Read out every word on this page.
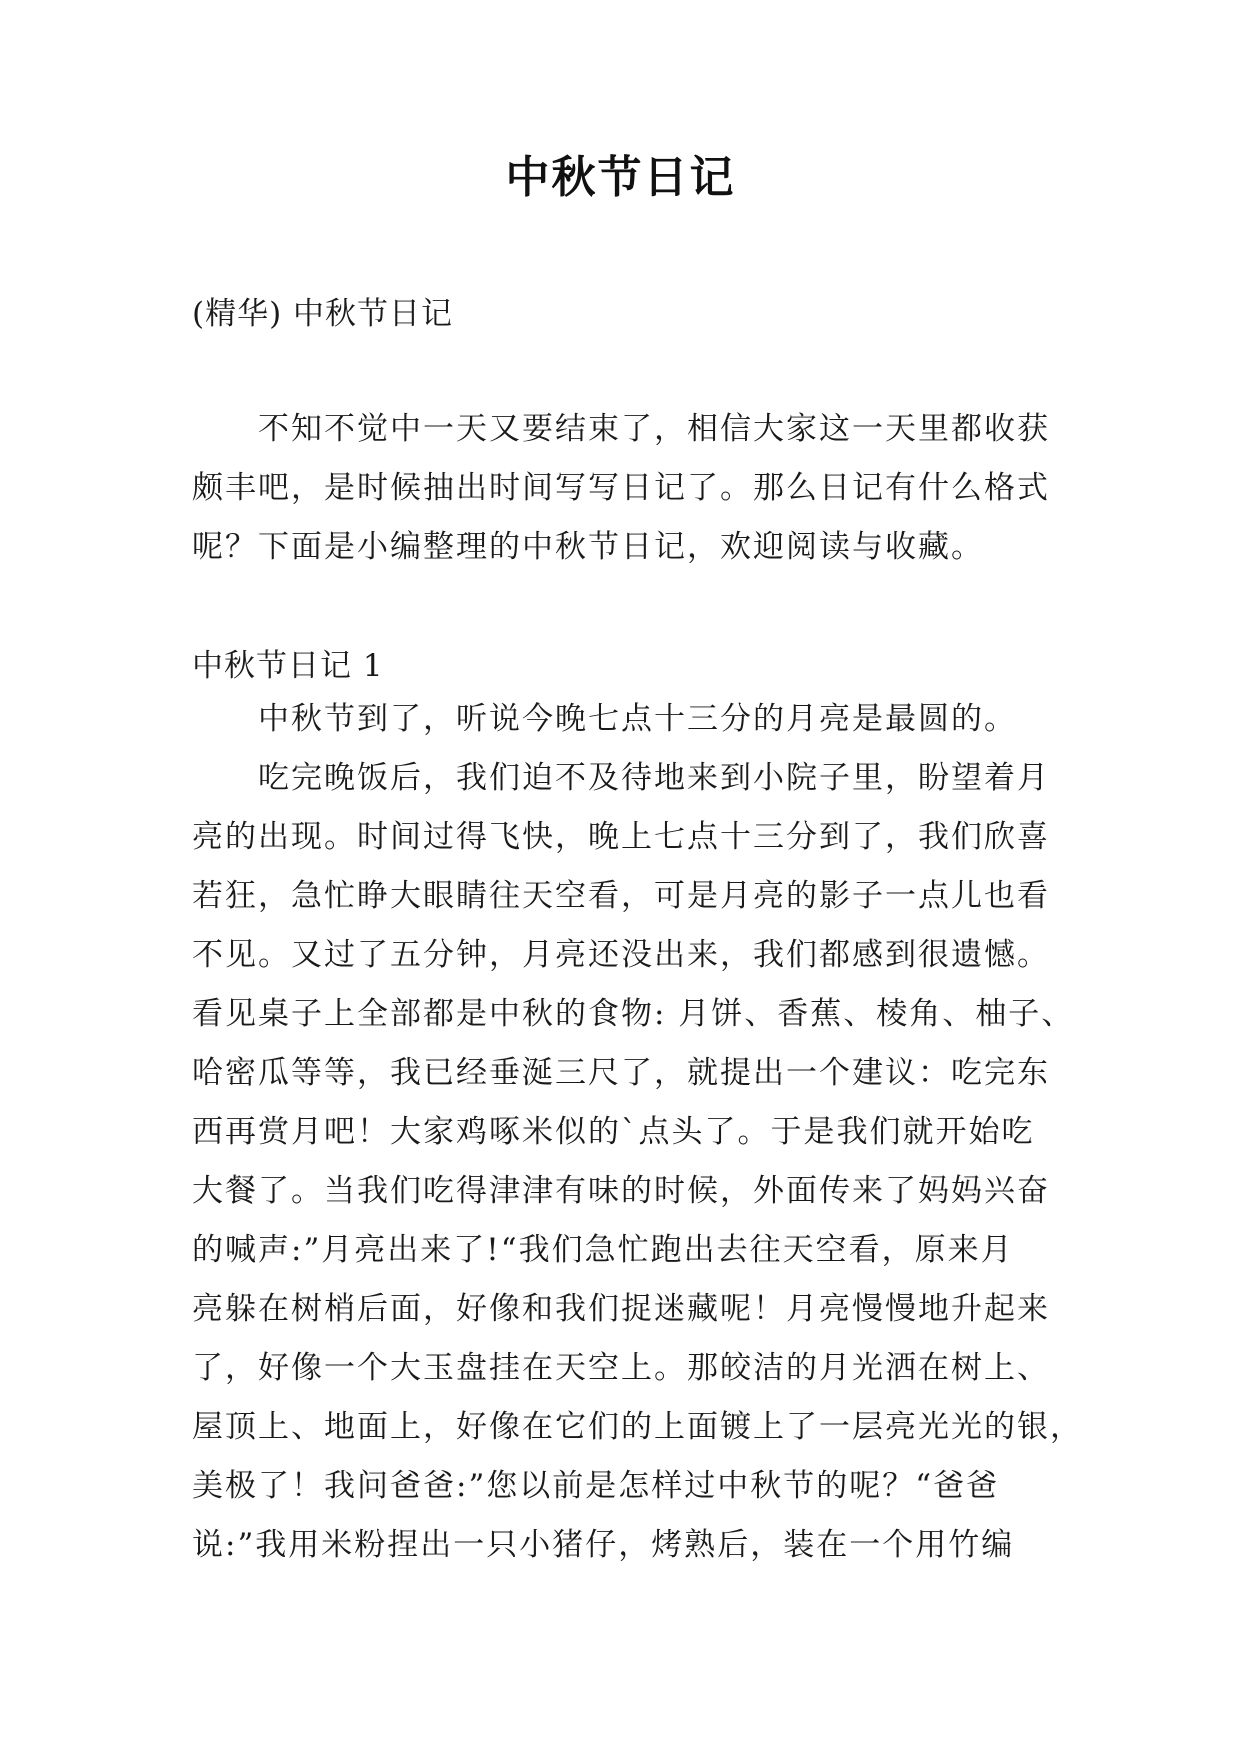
中秋节日记
(精华) 中秋节日记
不知不觉中一天又要结束了，相信大家这一天里都收获
颇丰吧，是时候抽出时间写写日记了。那么日记有什么格式
呢？下面是小编整理的中秋节日记，欢迎阅读与收藏。
中秋节日记 1
中秋节到了，听说今晚七点十三分的月亮是最圆的。
吃完晚饭后，我们迫不及待地来到小院子里，盼望着月
亮的出现。时间过得飞快，晚上七点十三分到了，我们欣喜
若狂，急忙睁大眼睛往天空看，可是月亮的影子一点儿也看
不见。又过了五分钟，月亮还没出来，我们都感到很遗憾。
看见桌子上全部都是中秋的食物: 月饼、香蕉、棱角、柚子、
哈密瓜等等，我已经垂涎三尺了，就提出一个建议：吃完东
西再赏月吧！大家鸡啄米似的`点头了。于是我们就开始吃
大餐了。当我们吃得津津有味的时候，外面传来了妈妈兴奋
的喊声:”月亮出来了!“我们急忙跑出去往天空看，原来月
亮躲在树梢后面，好像和我们捉迷藏呢！月亮慢慢地升起来
了，好像一个大玉盘挂在天空上。那皎洁的月光洒在树上、
屋顶上、地面上，好像在它们的上面镀上了一层亮光光的银，
美极了！我问爸爸:”您以前是怎样过中秋节的呢？“爸爸
说:”我用米粉捏出一只小猪仔，烤熟后，装在一个用竹编
